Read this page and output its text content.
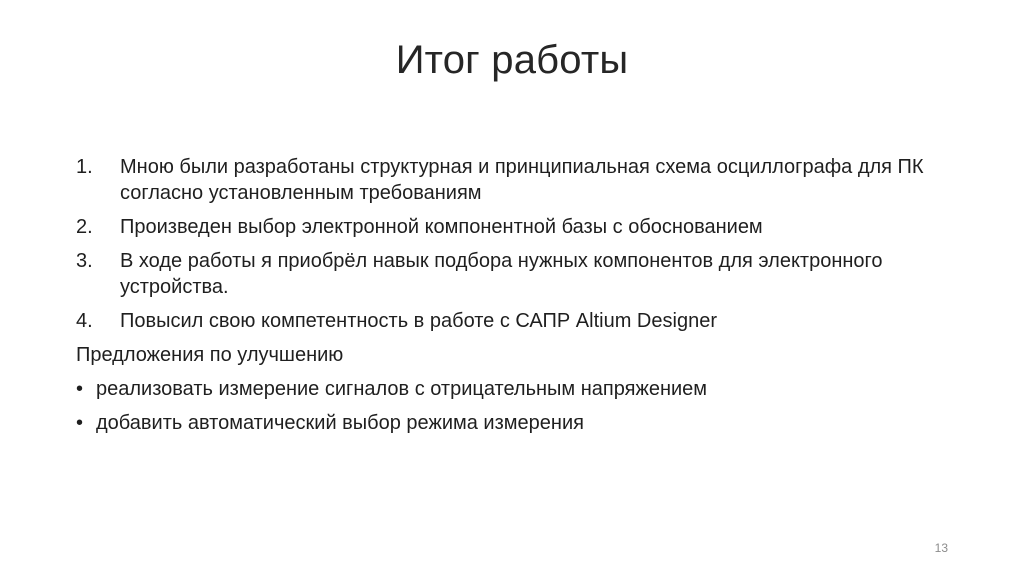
Итог работы
1.	Мною были разработаны структурная и принципиальная схема осциллографа для ПК согласно установленным требованиям
2.	Произведен выбор электронной компонентной базы с обоснованием
3.	В ходе работы я приобрёл навык подбора нужных компонентов для электронного устройства.
4.	Повысил свою компетентность в работе с САПР Altium Designer
Предложения по улучшению
• реализовать измерение сигналов с отрицательным напряжением
• добавить автоматический выбор режима измерения
13
